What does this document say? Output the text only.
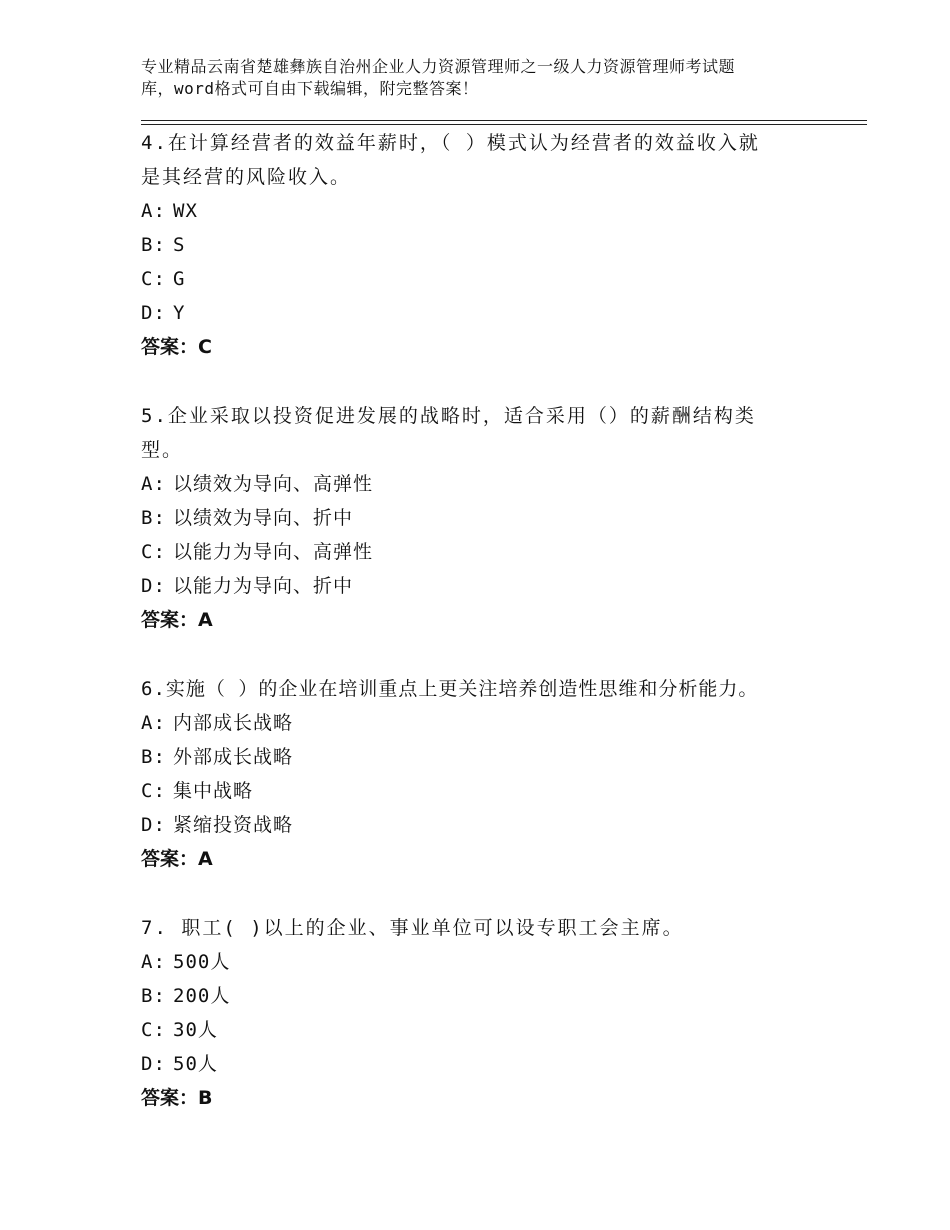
专业精品云南省楚雄彝族自治州企业人力资源管理师之一级人力资源管理师考试题
库，word格式可自由下载编辑，附完整答案！
4.在计算经营者的效益年薪时，（ ）模式认为经营者的效益收入就
是其经营的风险收入。
A: WX
B: S
C: G
D: Y
答案：C
5.企业采取以投资促进发展的战略时，适合采用（）的薪酬结构类
型。
A: 以绩效为导向、高弹性
B: 以绩效为导向、折中
C: 以能力为导向、高弹性
D: 以能力为导向、折中
答案：A
6.实施（ ）的企业在培训重点上更关注培养创造性思维和分析能力。
A: 内部成长战略
B: 外部成长战略
C: 集中战略
D: 紧缩投资战略
答案：A
7. 职工( )以上的企业、事业单位可以设专职工会主席。
A: 500人
B: 200人
C: 30人
D: 50人
答案：B
